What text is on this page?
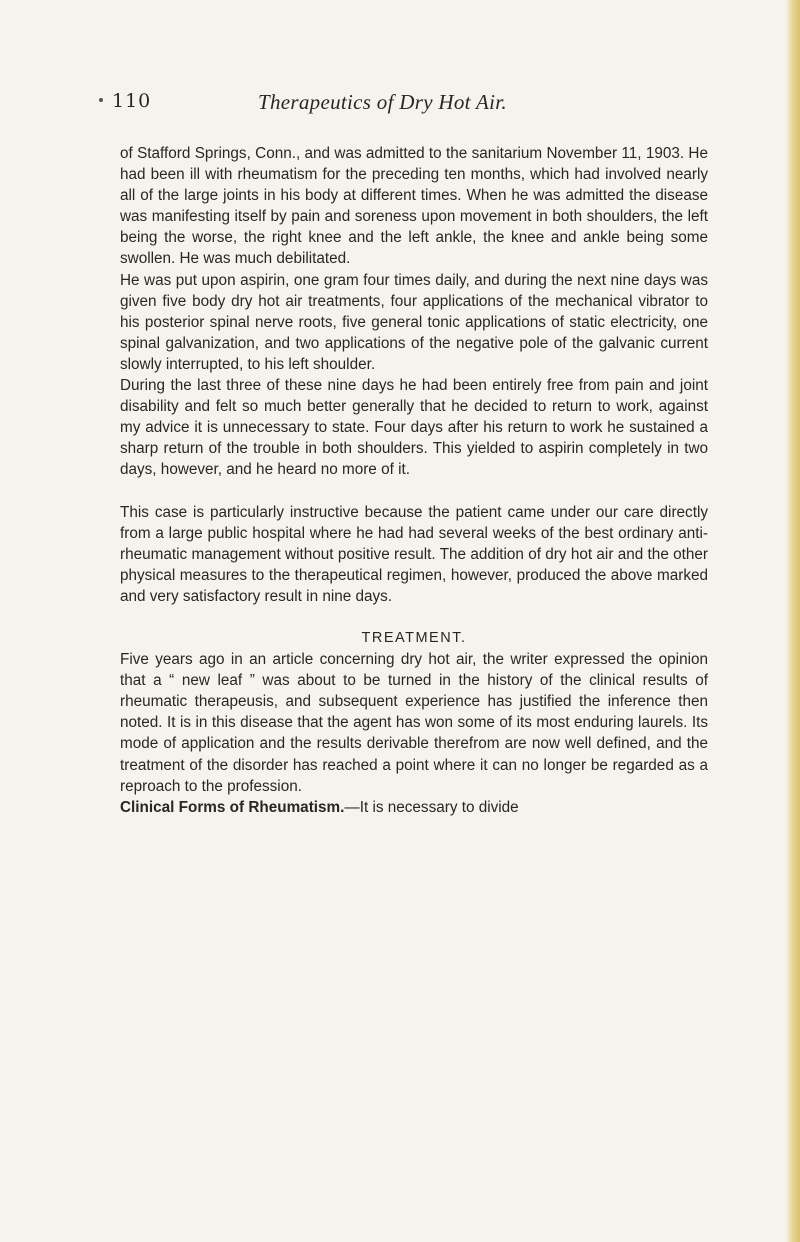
110	Therapeutics of Dry Hot Air.

of Stafford Springs, Conn., and was admitted to the sanitarium November 11, 1903. He had been ill with rheumatism for the preceding ten months, which had involved nearly all of the large joints in his body at different times. When he was admitted the disease was manifesting itself by pain and soreness upon movement in both shoulders, the left being the worse, the right knee and the left ankle, the knee and ankle being some swollen. He was much debilitated.

He was put upon aspirin, one gram four times daily, and during the next nine days was given five body dry hot air treatments, four applications of the mechanical vibrator to his posterior spinal nerve roots, five general tonic applications of static electricity, one spinal galvanization, and two applications of the negative pole of the galvanic current slowly interrupted, to his left shoulder.

During the last three of these nine days he had been entirely free from pain and joint disability and felt so much better generally that he decided to return to work, against my advice it is unnecessary to state. Four days after his return to work he sustained a sharp return of the trouble in both shoulders. This yielded to aspirin completely in two days, however, and he heard no more of it.

This case is particularly instructive because the patient came under our care directly from a large public hospital where he had had several weeks of the best ordinary anti-rheumatic management without positive result. The addition of dry hot air and the other physical measures to the therapeutical regimen, however, produced the above marked and very satisfactory result in nine days.

TREATMENT.

Five years ago in an article concerning dry hot air, the writer expressed the opinion that a “ new leaf ” was about to be turned in the history of the clinical results of rheumatic therapeusis, and subsequent experience has justified the inference then noted. It is in this disease that the agent has won some of its most enduring laurels. Its mode of application and the results derivable therefrom are now well defined, and the treatment of the disorder has reached a point where it can no longer be regarded as a reproach to the profession.

Clinical Forms of Rheumatism.—It is necessary to divide
